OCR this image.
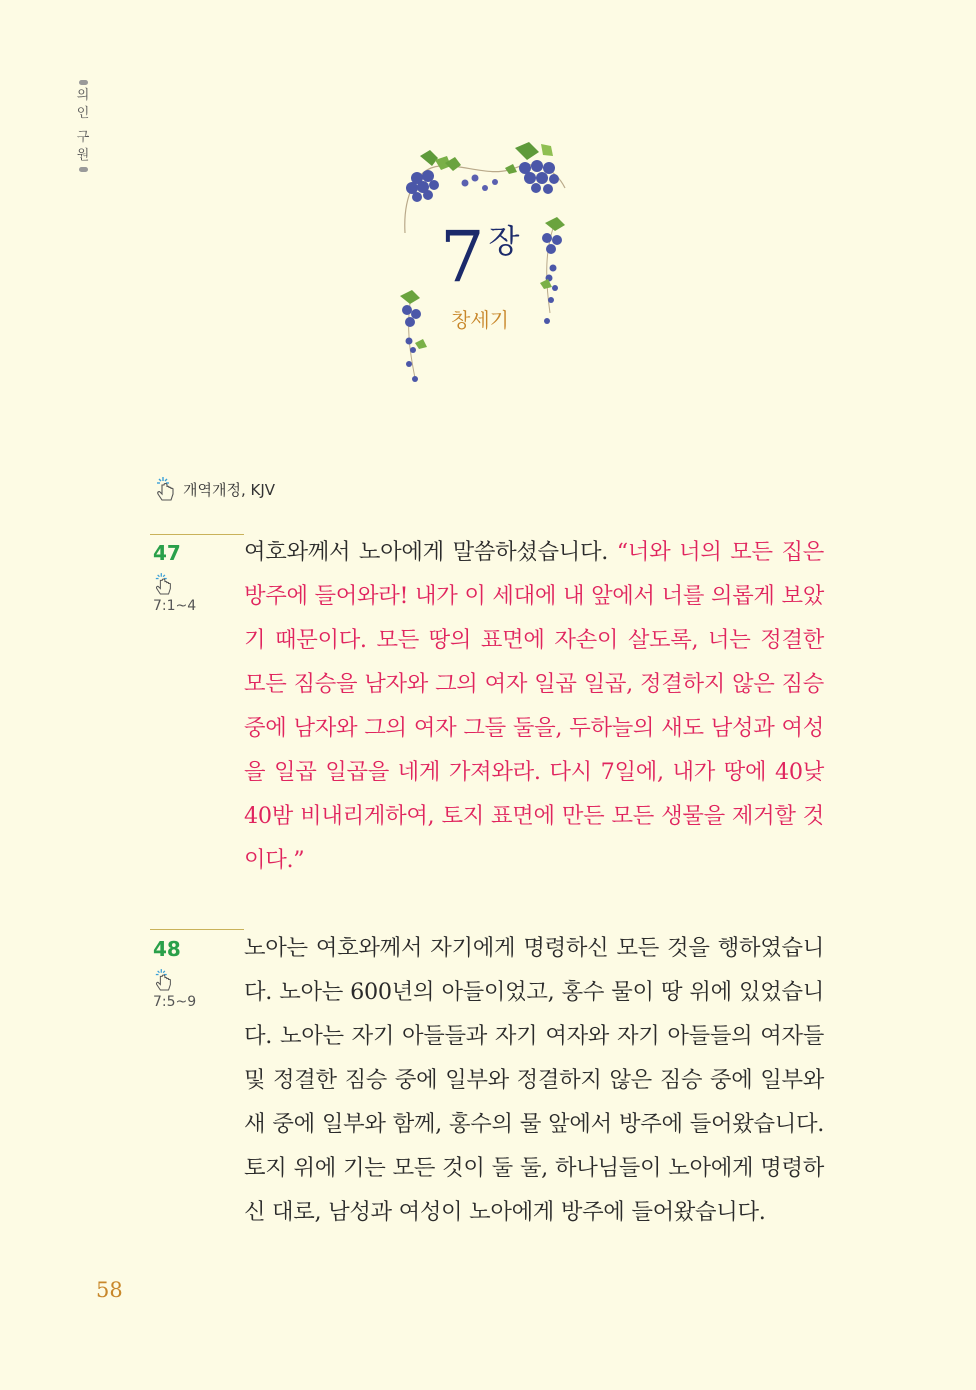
의
인
구
원
7 장
창세기
개역개정, KJV
47
7:1~4
여호와께서 노아에게 말씀하셨습니다. “너와 너의 모든 집은 방주에 들어와라! 내가 이 세대에 내 앞에서 너를 의롭게 보았기 때문이다. 모든 땅의 표면에 자손이 살도록, 너는 정결한 모든 짐승을 남자와 그의 여자 일곱 일곱, 정결하지 않은 짐승 중에 남자와 그의 여자 그들 둘을, 두하늘의 새도 남성과 여성을 일곱 일곱을 네게 가져와라. 다시 7일에, 내가 땅에 40낮 40밤 비내리게하여, 토지 표면에 만든 모든 생물을 제거할 것이다.”
48
7:5~9
노아는 여호와께서 자기에게 명령하신 모든 것을 행하였습니다. 노아는 600년의 아들이었고, 홍수 물이 땅 위에 있었습니다. 노아는 자기 아들들과 자기 여자와 자기 아들들의 여자들 및 정결한 짐승 중에 일부와 정결하지 않은 짐승 중에 일부와 새 중에 일부와 함께, 홍수의 물 앞에서 방주에 들어왔습니다. 토지 위에 기는 모든 것이 둘 둘, 하나님들이 노아에게 명령하신 대로, 남성과 여성이 노아에게 방주에 들어왔습니다.
58
